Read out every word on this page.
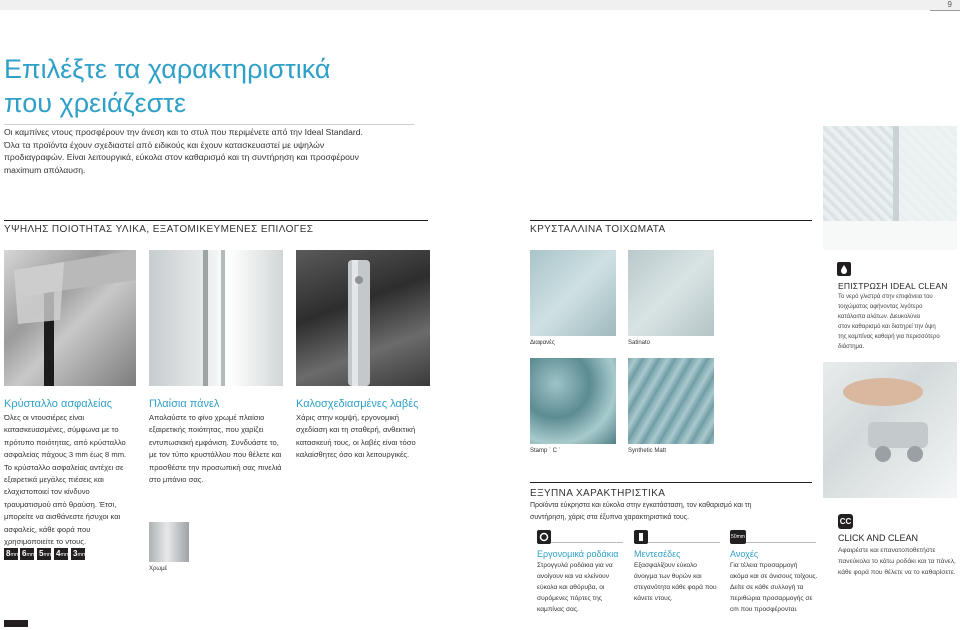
9
Επιλέξτε τα χαρακτηριστικά
που χρειάζεστε
Οι καμπίνες ντους προσφέρουν την άνεση και το στυλ που περιμένετε από την Ideal Standard.
Όλα τα προϊόντα έχουν σχεδιαστεί από ειδικούς και έχουν κατασκευαστεί με υψηλών
προδιαγραφών. Είναι λειτουργικά, εύκολα στον καθαρισμό και τη συντήρηση και προσφέρουν
maximum απόλαυση.
ΥΨΗΛΗΣ ΠΟΙΟΤΗΤΑΣ ΥΛΙΚΑ, ΕΞΑΤΟΜΙΚΕΥΜΕΝΕΣ ΕΠΙΛΟΓΕΣ	ΚΡΥΣΤΑΛΛΙΝΑ ΤΟΙΧΩΜΑΤΑ
Κρύσταλλο ασφαλείας
Όλες οι ντουσιέρες είναι
κατασκευασμένες, σύμφωνα με το
πρότυπο ποιότητας, από κρύσταλλο
ασφαλείας πάχους 3 mm έως 8 mm.
Το κρύσταλλο ασφαλείας αντέχει σε
εξαιρετικά μεγάλες πιέσεις και
ελαχιστοποιεί τον κίνδυνο
τραυματισμού από θραύση. Έτσι,
μπορείτε να αισθάνεστε ήσυχοι και
ασφαλείς, κάθε φορά που
χρησιμοποιείτε το ντους.
Πλαίσια πάνελ
Απολαύστε το φίνο χρωμέ πλαίσιο
εξαιρετικής ποιότητας, που χαρίζει
εντυπωσιακή εμφάνιση. Συνδυάστε το,
με τον τύπο κρυστάλλου που θέλετε και
προσθέστε την προσωπική σας πινελιά
στο μπάνιο σας.
Καλοσχεδιασμένες λαβές
Χάρις στην κομψή, εργονομική
σχεδίαση και τη σταθερή, ανθεκτική
κατασκευή τους, οι λαβές είναι τόσο
καλαίσθητες όσο και λειτουργικές.
8mm 6mm 5mm 4mm 3mm
Χρωμέ
Διαφανές	Satinato
Stamp ʿ C ʿ	Synthetic Matt
ΕΠΙΣΤΡΩΣΗ IDEAL CLEAN
Το νερό γλιστρά στην επιφάνεια του
τοιχώματος αφήνοντας λιγότερο
κατάλοιπα αλάτων. Διευκολύνει
στον καθαρισμό και διατηρεί την όψη
της καμπίνας καθαρή για περισσότερο
διάστημα.
ΕΞΥΠΝΑ ΧΑΡΑΚΤΗΡΙΣΤΙΚΑ
Προϊόντα εύκρηστα και εύκολα στην εγκατάσταση, τον καθαρισμό και τη
συντήρηση, χάρις στα έξυπνα χαρακτηριστικά τους.
Εργονομικά ροδάκια
Στρογγυλά ροδάκια για να
ανοίγουν και να κλείνουν
εύκολα και αθόρυβα, οι
συρόμενες πόρτες της
καμπίνας σας.
Μεντεσέδες
Εξασφαλίζουν εύκολο
άνοιγμα των θυρών και
στεγανότητα κάθε φορά που
κάνετε ντους.
50mm
Ανοχές
Για τέλεια προσαρμογή
ακόμα και σε άνισους τοίχους.
Δείτε σε κάθε συλλογή τα
περιθώρια προσαρμογής σε
cm που προσφέρονται.
CC
CLICK AND CLEAN
Αφαιρέστε και επανατοποθετήστε
πανεύκολα το κάτω ροδάκι και τα πάνελ,
κάθε φορά που θέλετε να το καθαρίσετε.
